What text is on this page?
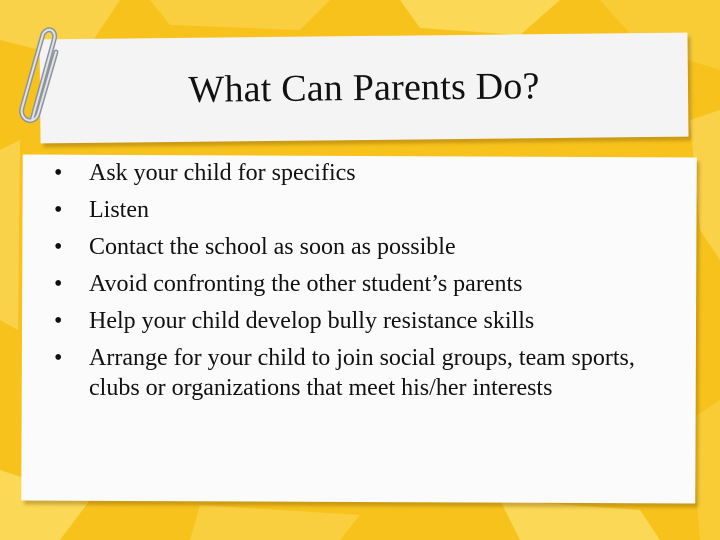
What Can Parents Do?
•	Ask your child for specifics
•	Listen
•	Contact the school as soon as possible
•	Avoid confronting the other student’s parents
•	Help your child develop bully resistance skills
•	Arrange for your child to join social groups, team sports, clubs or organizations that meet his/her interests
